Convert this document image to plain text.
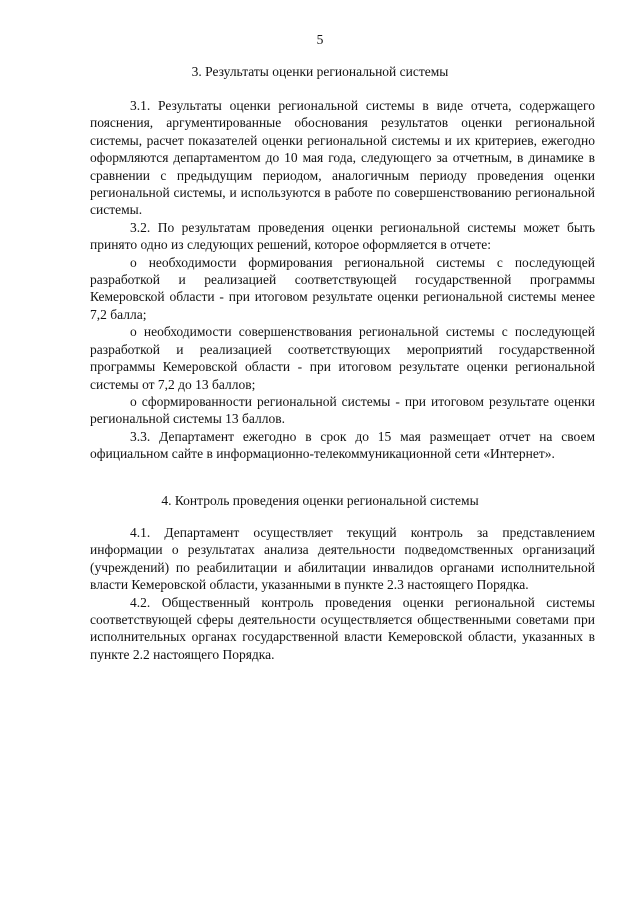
5
3. Результаты оценки региональной системы

3.1. Результаты оценки региональной системы в виде отчета, содержащего пояснения, аргументированные обоснования результатов оценки региональной системы, расчет показателей оценки региональной системы и их критериев, ежегодно оформляются департаментом до 10 мая года, следующего за отчетным, в динамике в сравнении с предыдущим периодом, аналогичным периоду проведения оценки региональной системы, и используются в работе по совершенствованию региональной системы.

3.2. По результатам проведения оценки региональной системы может быть принято одно из следующих решений, которое оформляется в отчете:

о необходимости формирования региональной системы с последующей разработкой и реализацией соответствующей государственной программы Кемеровской области - при итоговом результате оценки региональной системы менее 7,2 балла;

о необходимости совершенствования региональной системы с последующей разработкой и реализацией соответствующих мероприятий государственной программы Кемеровской области - при итоговом результате оценки региональной системы от 7,2 до 13 баллов;

о сформированности региональной системы - при итоговом результате оценки региональной системы 13 баллов.

3.3. Департамент ежегодно в срок до 15 мая размещает отчет на своем официальном сайте в информационно-телекоммуникационной сети «Интернет».

4. Контроль проведения оценки региональной системы

4.1. Департамент осуществляет текущий контроль за представлением информации о результатах анализа деятельности подведомственных организаций (учреждений) по реабилитации и абилитации инвалидов органами исполнительной власти Кемеровской области, указанными в пункте 2.3 настоящего Порядка.

4.2. Общественный контроль проведения оценки региональной системы соответствующей сферы деятельности осуществляется общественными советами при исполнительных органах государственной власти Кемеровской области, указанных в пункте 2.2 настоящего Порядка.
